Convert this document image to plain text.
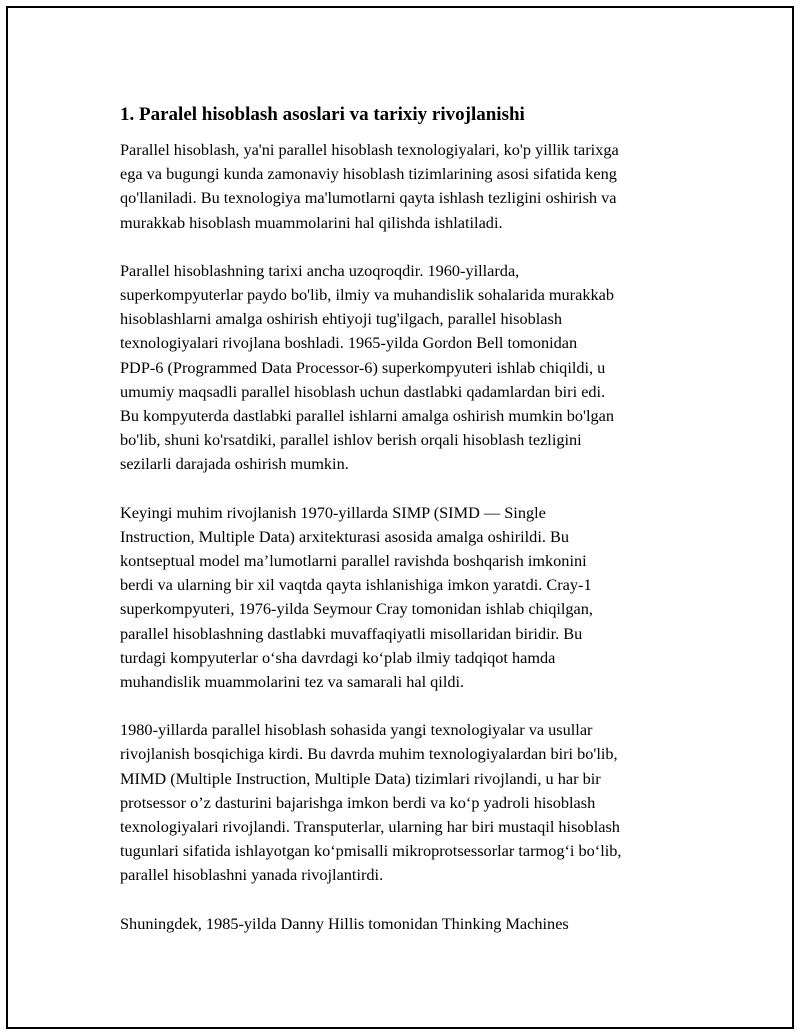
1. Paralel hisoblash asoslari va tarixiy rivojlanishi

Parallel hisoblash, ya'ni parallel hisoblash texnologiyalari, ko'p yillik tarixga
ega va bugungi kunda zamonaviy hisoblash tizimlarining asosi sifatida keng
qo'llaniladi. Bu texnologiya ma'lumotlarni qayta ishlash tezligini oshirish va
murakkab hisoblash muammolarini hal qilishda ishlatiladi.

Parallel hisoblashning tarixi ancha uzoqroqdir. 1960-yillarda,
superkompyuterlar paydo bo'lib, ilmiy va muhandislik sohalarida murakkab
hisoblashlarni amalga oshirish ehtiyoji tug'ilgach, parallel hisoblash
texnologiyalari rivojlana boshladi. 1965-yilda Gordon Bell tomonidan
PDP-6 (Programmed Data Processor-6) superkompyuteri ishlab chiqildi, u
umumiy maqsadli parallel hisoblash uchun dastlabki qadamlardan biri edi.
Bu kompyuterda dastlabki parallel ishlarni amalga oshirish mumkin bo'lgan
bo'lib, shuni ko'rsatdiki, parallel ishlov berish orqali hisoblash tezligini
sezilarli darajada oshirish mumkin.

Keyingi muhim rivojlanish 1970-yillarda SIMP (SIMD — Single
Instruction, Multiple Data) arxitekturasi asosida amalga oshirildi. Bu
kontseptual model ma’lumotlarni parallel ravishda boshqarish imkonini
berdi va ularning bir xil vaqtda qayta ishlanishiga imkon yaratdi. Cray-1
superkompyuteri, 1976-yilda Seymour Cray tomonidan ishlab chiqilgan,
parallel hisoblashning dastlabki muvaffaqiyatli misollaridan biridir. Bu
turdagi kompyuterlar o‘sha davrdagi ko‘plab ilmiy tadqiqot hamda
muhandislik muammolarini tez va samarali hal qildi.

1980-yillarda parallel hisoblash sohasida yangi texnologiyalar va usullar
rivojlanish bosqichiga kirdi. Bu davrda muhim texnologiyalardan biri bo'lib,
MIMD (Multiple Instruction, Multiple Data) tizimlari rivojlandi, u har bir
protsessor o’z dasturini bajarishga imkon berdi va ko‘p yadroli hisoblash
texnologiyalari rivojlandi. Transputerlar, ularning har biri mustaqil hisoblash
tugunlari sifatida ishlayotgan ko‘pmisalli mikroprotsessorlar tarmog‘i bo‘lib,
parallel hisoblashni yanada rivojlantirdi.

Shuningdek, 1985-yilda Danny Hillis tomonidan Thinking Machines
